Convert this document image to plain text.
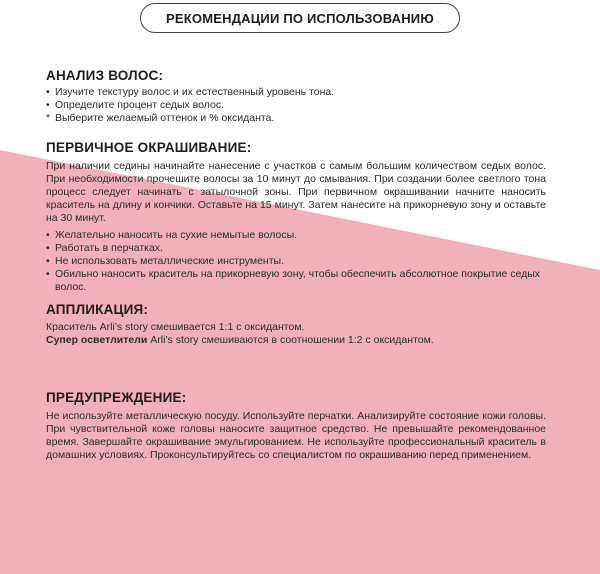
РЕКОМЕНДАЦИИ ПО ИСПОЛЬЗОВАНИЮ
АНАЛИЗ ВОЛОС:
• Изучите текстуру волос и их естественный уровень тона.
• Определите процент седых волос.
* Выберите желаемый оттенок и % оксиданта.
ПЕРВИЧНОЕ ОКРАШИВАНИЕ:

При наличии седины начинайте нанесение с участков с самым большим количеством седых волос. При необходимости прочешите волосы за 10 минут до смывания. При создании более светлого тона процесс следует начинать с затылочной зоны. При первичном окрашивании начните наносить краситель на длину и кончики. Оставьте на 15 минут. Затем нанесите на прикорневую зону и оставьте на 30 минут.

• Желательно наносить на сухие немытые волосы.
• Работать в перчатках.
• Не использовать металлические инструменты.
• Обильно наносить краситель на прикорневую зону, чтобы обеспечить абсолютное покрытие седых волос.
АППЛИКАЦИЯ:

Краситель Arli’s story смешивается 1:1 с оксидантом.

Супер осветлители Arli’s story смешиваются в соотношении 1:2 с оксидантом.

ПРЕДУПРЕЖДЕНИЕ:

Не используйте металлическую посуду. Используйте перчатки. Анализируйте состояние кожи головы. При чувствительной коже головы наносите защитное средство. Не превышайте рекомендованное время. Завершайте окрашивание эмульгированием. Не используйте профессиональный краситель в домашних условиях. Проконсультируйтесь со специалистом по окрашиванию перед применением.
